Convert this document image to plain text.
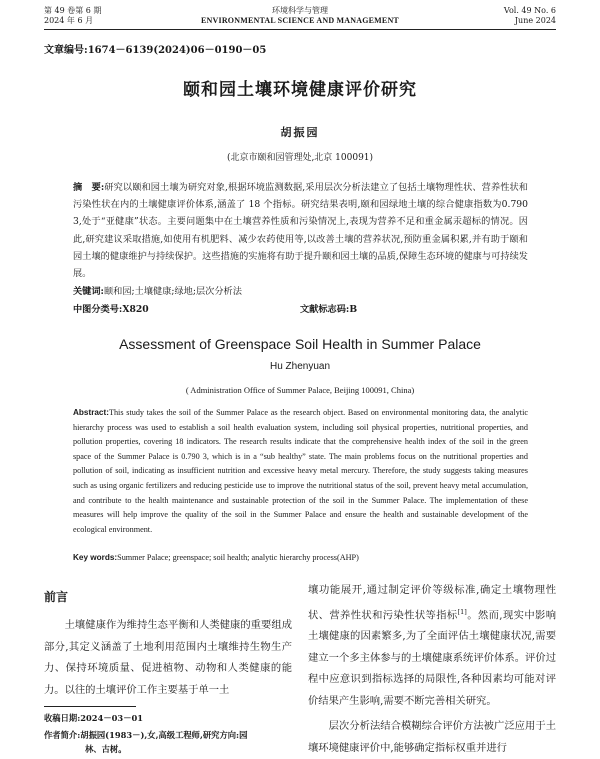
第 49 卷第 6 期
2024 年 6 月
环境科学与管理
ENVIRONMENTAL SCIENCE AND MANAGEMENT
Vol. 49 No. 6
June 2024
文章编号:1674－6139(2024)06－0190－05
颐和园土壤环境健康评价研究
胡振园
(北京市颐和园管理处,北京 100091)
摘　要:研究以颐和园土壤为研究对象,根据环境监测数据,采用层次分析法建立了包括土壤物理性状、营养性状和污染性状在内的土壤健康评价体系,涵盖了 18 个指标。研究结果表明,颐和园绿地土壤的综合健康指数为0.790 3,处于“亚健康”状态。主要问题集中在土壤营养性质和污染情况上,表现为营养不足和重金属汞超标的情况。因此,研究建议采取措施,如使用有机肥料、减少农药使用等,以改善土壤的营养状况,预防重金属积累,并有助于颐和园土壤的健康维护与持续保护。这些措施的实施将有助于提升颐和园土壤的品质,保障生态环境的健康与可持续发展。
关键词:颐和园;土壤健康;绿地;层次分析法
中图分类号:X820	文献标志码:B
Assessment of Greenspace Soil Health in Summer Palace
Hu Zhenyuan
( Administration Office of Summer Palace, Beijing 100091, China)
Abstract:This study takes the soil of the Summer Palace as the research object. Based on environmental monitoring data, the analytic hierarchy process was used to establish a soil health evaluation system, including soil physical properties, nutritional properties, and pollution properties, covering 18 indicators. The research results indicate that the comprehensive health index of the soil in the green space of the Summer Palace is 0.790 3, which is in a “sub healthy” state. The main problems focus on the nutritional properties and pollution of soil, indicating as insufficient nutrition and excessive heavy metal mercury. Therefore, the study suggests taking measures such as using organic fertilizers and reducing pesticide use to improve the nutritional status of the soil, prevent heavy metal accumulation, and contribute to the health maintenance and sustainable protection of the soil in the Summer Palace. The implementation of these measures will help improve the quality of the soil in the Summer Palace and ensure the health and sustainable development of the ecological environment.
Key words:Summer Palace; greenspace; soil health; analytic hierarchy process(AHP)
前言

土壤健康作为维持生态平衡和人类健康的重要组成部分,其定义涵盖了土地利用范围内土壤维持生物生产力、保持环境质量、促进植物、动物和人类健康的能力。以往的土壤评价工作主要基于单一土

壤功能展开,通过制定评价等级标准,确定土壤物理性状、营养性状和污染性状等指标[1]。然而,现实中影响土壤健康的因素繁多,为了全面评估土壤健康状况,需要建立一个多主体参与的土壤健康系统评价体系。评价过程中应意识到指标选择的局限性,各种因素均可能对评价结果产生影响,需要不断完善相关研究。

层次分析法结合模糊综合评价方法被广泛应用于土壤环境健康评价中,能够确定指标权重并进行

收稿日期:2024－03－01
作者简介:胡振园(1983－),女,高级工程师,研究方向:园
林、古树。
